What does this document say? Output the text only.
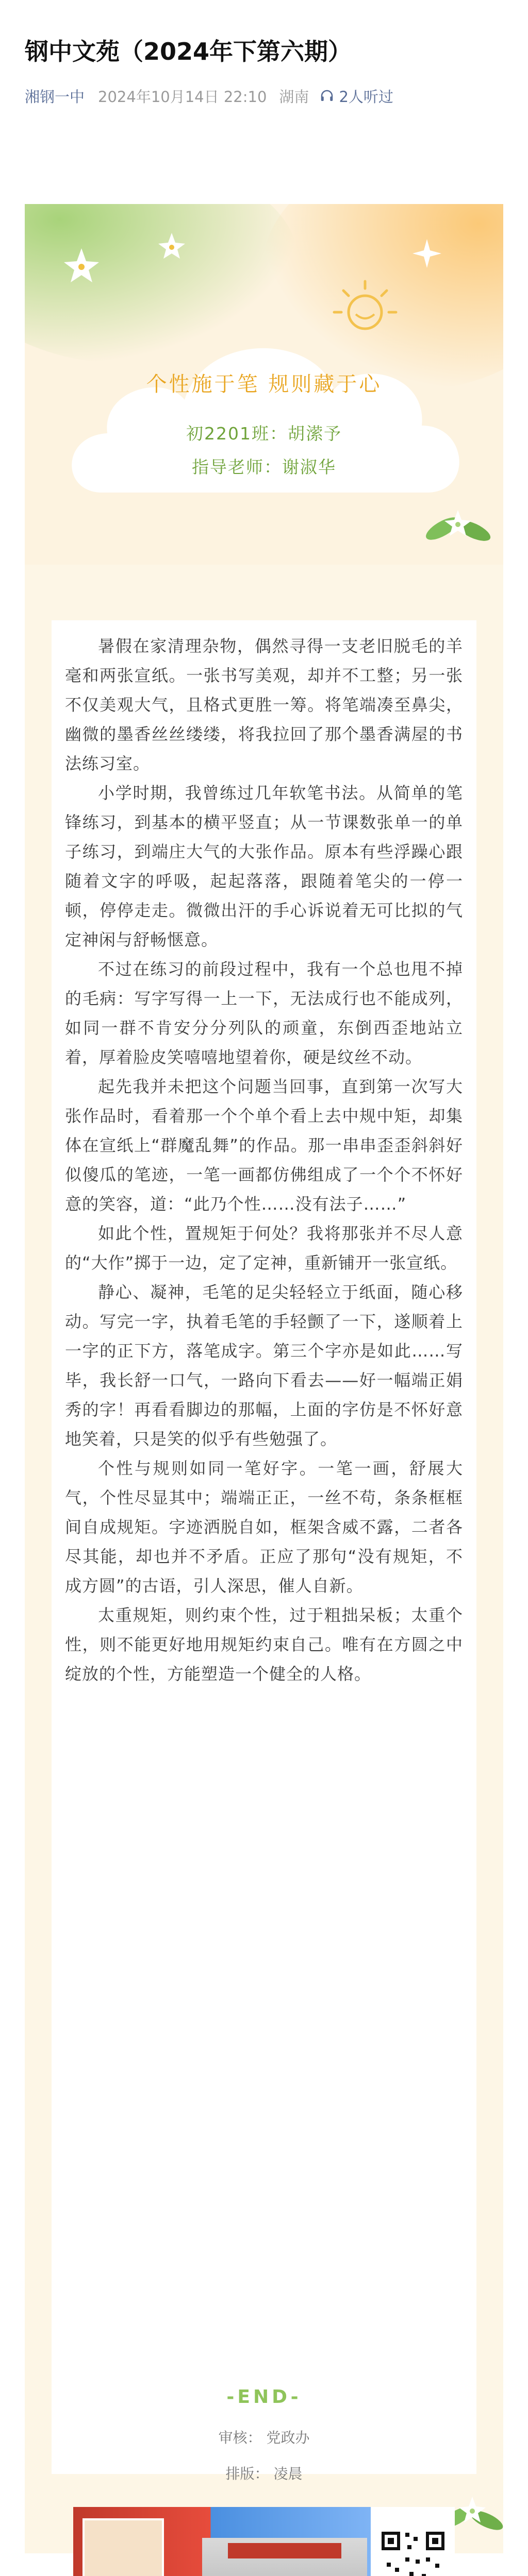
钢中文苑（2024年下第六期）
湘钢一中 2024年10月14日 22:10 湖南 2人听过
个性施于笔 规则藏于心
初2201班：胡潆予
指导老师：谢淑华

暑假在家清理杂物，偶然寻得一支老旧脱毛的羊毫和两张宣纸。一张书写美观，却并不工整；另一张不仅美观大气，且格式更胜一筹。将笔端凑至鼻尖，幽微的墨香丝丝缕缕，将我拉回了那个墨香满屋的书法练习室。

小学时期，我曾练过几年软笔书法。从简单的笔锋练习，到基本的横平竖直；从一节课数张单一的单子练习，到端庄大气的大张作品。原本有些浮躁心跟随着文字的呼吸，起起落落，跟随着笔尖的一停一顿，停停走走。微微出汗的手心诉说着无可比拟的气定神闲与舒畅惬意。

不过在练习的前段过程中，我有一个总也甩不掉的毛病：写字写得一上一下，无法成行也不能成列，如同一群不肯安分分列队的顽童，东倒西歪地站立着，厚着脸皮笑嘻嘻地望着你，硬是纹丝不动。

起先我并未把这个问题当回事，直到第一次写大张作品时，看着那一个个单个看上去中规中矩，却集体在宣纸上“群魔乱舞”的作品。那一串串歪歪斜斜好似傻瓜的笔迹，一笔一画都仿佛组成了一个个不怀好意的笑容，道：“此乃个性……没有法子……”

如此个性，置规矩于何处？我将那张并不尽人意的“大作”掷于一边，定了定神，重新铺开一张宣纸。

静心、凝神，毛笔的足尖轻轻立于纸面，随心移动。写完一字，执着毛笔的手轻颤了一下，遂顺着上一字的正下方，落笔成字。第三个字亦是如此……写毕，我长舒一口气，一路向下看去——好一幅端正娟秀的字！再看看脚边的那幅，上面的字仿是不怀好意地笑着，只是笑的似乎有些勉强了。

个性与规则如同一笔好字。一笔一画，舒展大气，个性尽显其中；端端正正，一丝不苟，条条框框间自成规矩。字迹洒脱自如，框架含威不露，二者各尽其能，却也并不矛盾。正应了那句“没有规矩，不成方圆”的古语，引人深思，催人自新。

太重规矩，则约束个性，过于粗拙呆板；太重个性，则不能更好地用规矩约束自己。唯有在方圆之中绽放的个性，方能塑造一个健全的人格。

-END-
审核： 党政办
排版： 凌晨
